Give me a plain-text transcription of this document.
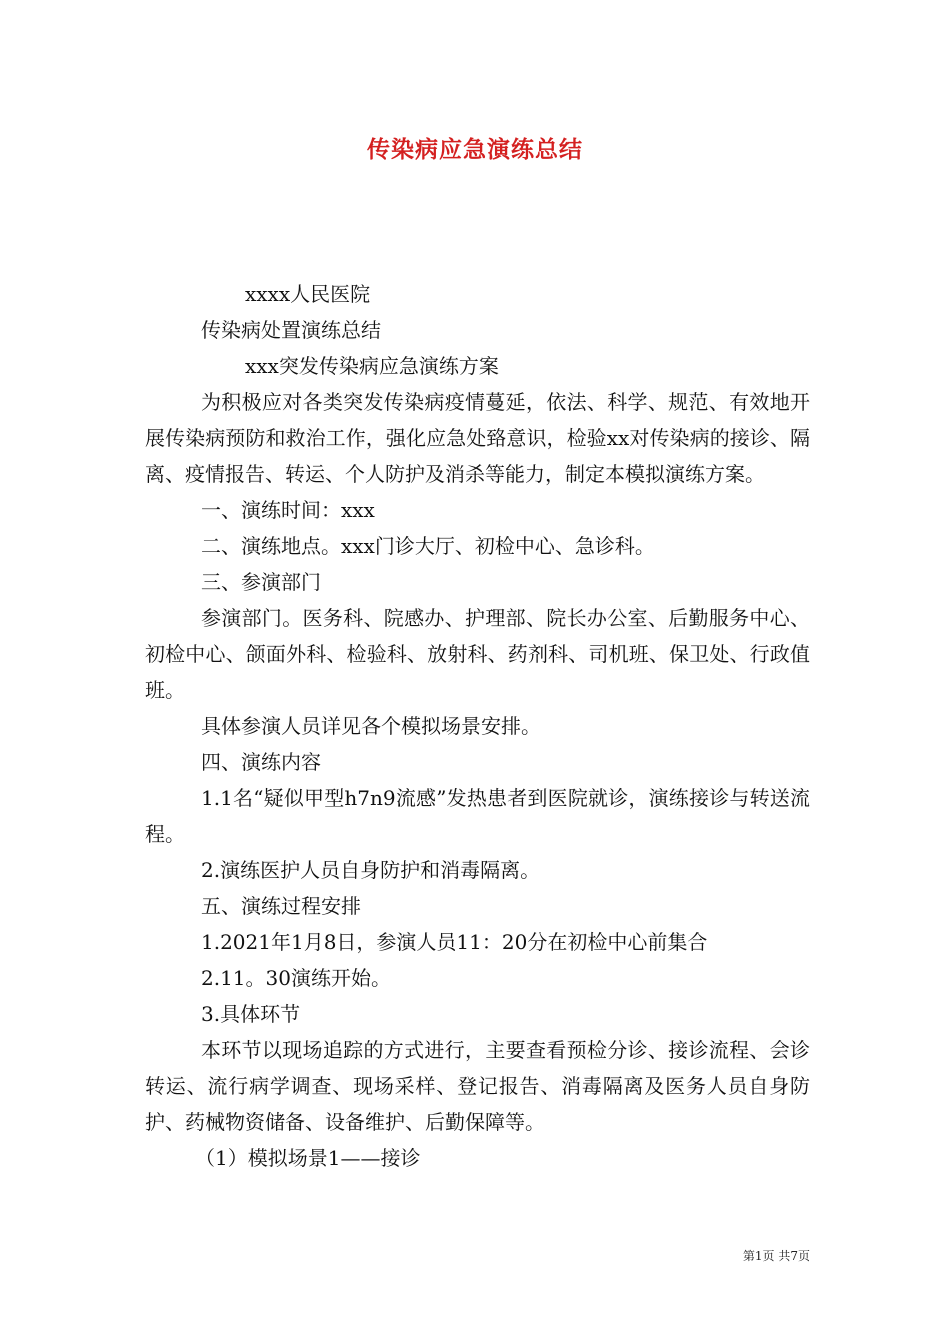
传染病应急演练总结

xxxx人民医院

传染病处置演练总结

xxx突发传染病应急演练方案

为积极应对各类突发传染病疫情蔓延，依法、科学、规范、有效地开展传染病预防和救治工作，强化应急处臵意识，检验xx对传染病的接诊、隔离、疫情报告、转运、个人防护及消杀等能力，制定本模拟演练方案。

一、演练时间：xxx

二、演练地点。xxx门诊大厅、初检中心、急诊科。

三、参演部门

参演部门。医务科、院感办、护理部、院长办公室、后勤服务中心、初检中心、颌面外科、检验科、放射科、药剂科、司机班、保卫处、行政值班。

具体参演人员详见各个模拟场景安排。

四、演练内容

1.1名“疑似甲型h7n9流感”发热患者到医院就诊，演练接诊与转送流程。

2.演练医护人员自身防护和消毒隔离。

五、演练过程安排

1.2021年1月8日，参演人员11：20分在初检中心前集合

2.11。30演练开始。

3.具体环节

本环节以现场追踪的方式进行，主要查看预检分诊、接诊流程、会诊转运、流行病学调查、现场采样、登记报告、消毒隔离及医务人员自身防护、药械物资储备、设备维护、后勤保障等。

（1）模拟场景1——接诊

第1页 共7页
